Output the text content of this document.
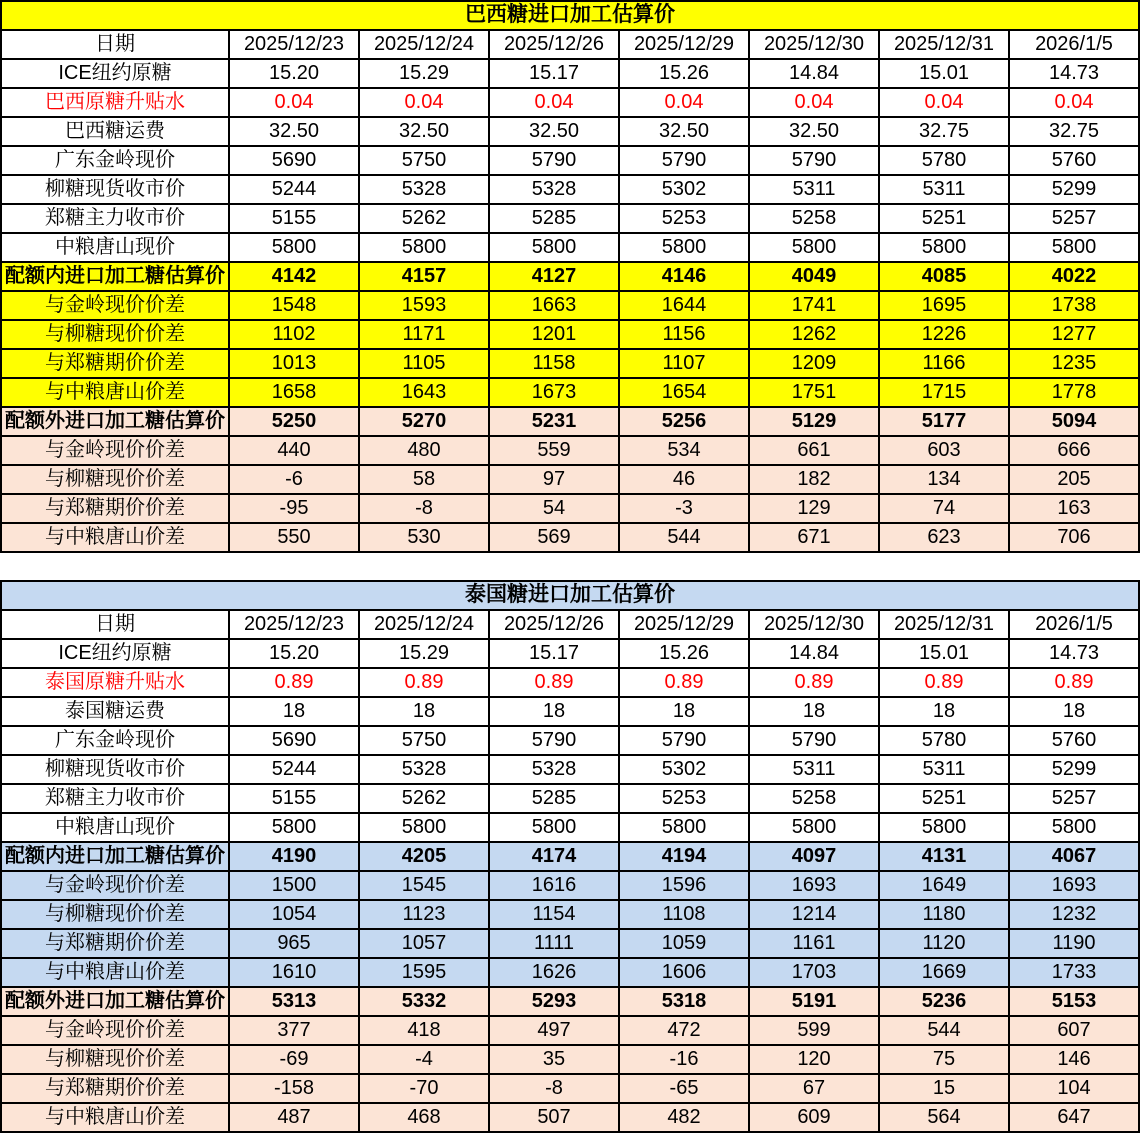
巴西糖进口加工估算价							
日期	2025/12/23	2025/12/24	2025/12/26	2025/12/29	2025/12/30	2025/12/31	2026/1/5
ICE纽约原糖	15.20	15.29	15.17	15.26	14.84	15.01	14.73
巴西原糖升贴水	0.04	0.04	0.04	0.04	0.04	0.04	0.04
巴西糖运费	32.50	32.50	32.50	32.50	32.50	32.75	32.75
广东金岭现价	5690	5750	5790	5790	5790	5780	5760
柳糖现货收市价	5244	5328	5328	5302	5311	5311	5299
郑糖主力收市价	5155	5262	5285	5253	5258	5251	5257
中粮唐山现价	5800	5800	5800	5800	5800	5800	5800
配额内进口加工糖估算价	4142	4157	4127	4146	4049	4085	4022
与金岭现价价差	1548	1593	1663	1644	1741	1695	1738
与柳糖现价价差	1102	1171	1201	1156	1262	1226	1277
与郑糖期价价差	1013	1105	1158	1107	1209	1166	1235
与中粮唐山价差	1658	1643	1673	1654	1751	1715	1778
配额外进口加工糖估算价	5250	5270	5231	5256	5129	5177	5094
与金岭现价价差	440	480	559	534	661	603	666
与柳糖现价价差	-6	58	97	46	182	134	205
与郑糖期价价差	-95	-8	54	-3	129	74	163
与中粮唐山价差	550	530	569	544	671	623	706
泰国糖进口加工估算价							
日期	2025/12/23	2025/12/24	2025/12/26	2025/12/29	2025/12/30	2025/12/31	2026/1/5
ICE纽约原糖	15.20	15.29	15.17	15.26	14.84	15.01	14.73
泰国原糖升贴水	0.89	0.89	0.89	0.89	0.89	0.89	0.89
泰国糖运费	18	18	18	18	18	18	18
广东金岭现价	5690	5750	5790	5790	5790	5780	5760
柳糖现货收市价	5244	5328	5328	5302	5311	5311	5299
郑糖主力收市价	5155	5262	5285	5253	5258	5251	5257
中粮唐山现价	5800	5800	5800	5800	5800	5800	5800
配额内进口加工糖估算价	4190	4205	4174	4194	4097	4131	4067
与金岭现价价差	1500	1545	1616	1596	1693	1649	1693
与柳糖现价价差	1054	1123	1154	1108	1214	1180	1232
与郑糖期价价差	965	1057	1111	1059	1161	1120	1190
与中粮唐山价差	1610	1595	1626	1606	1703	1669	1733
配额外进口加工糖估算价	5313	5332	5293	5318	5191	5236	5153
与金岭现价价差	377	418	497	472	599	544	607
与柳糖现价价差	-69	-4	35	-16	120	75	146
与郑糖期价价差	-158	-70	-8	-65	67	15	104
与中粮唐山价差	487	468	507	482	609	564	647
